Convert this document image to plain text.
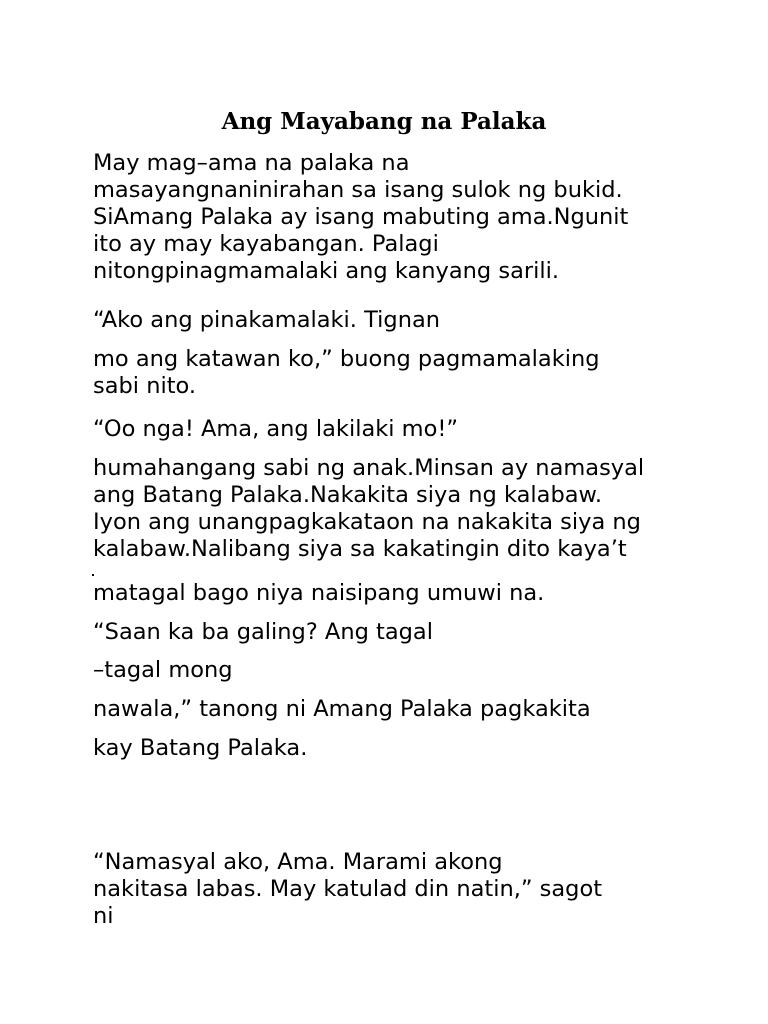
Ang Mayabang na Palaka
May mag–ama na palaka na
masayangnaninirahan sa isang sulok ng bukid.
SiAmang Palaka ay isang mabuting ama.Ngunit
ito ay may kayabangan. Palagi
nitongpinagmamalaki ang kanyang sarili.
“Ako ang pinakamalaki. Tignan
mo ang katawan ko,” buong pagmamalaking
sabi nito.
“Oo nga! Ama, ang lakilaki mo!”
humahangang sabi ng anak.Minsan ay namasyal
ang Batang Palaka.Nakakita siya ng kalabaw.
Iyon ang unangpagkakataon na nakakita siya ng
kalabaw.Nalibang siya sa kakatingin dito kaya’t
matagal bago niya naisipang umuwi na.
“Saan ka ba galing? Ang tagal
–tagal mong
nawala,” tanong ni Amang Palaka pagkakita
kay Batang Palaka.
“Namasyal ako, Ama. Marami akong
nakitasa labas. May katulad din natin,” sagot
ni
